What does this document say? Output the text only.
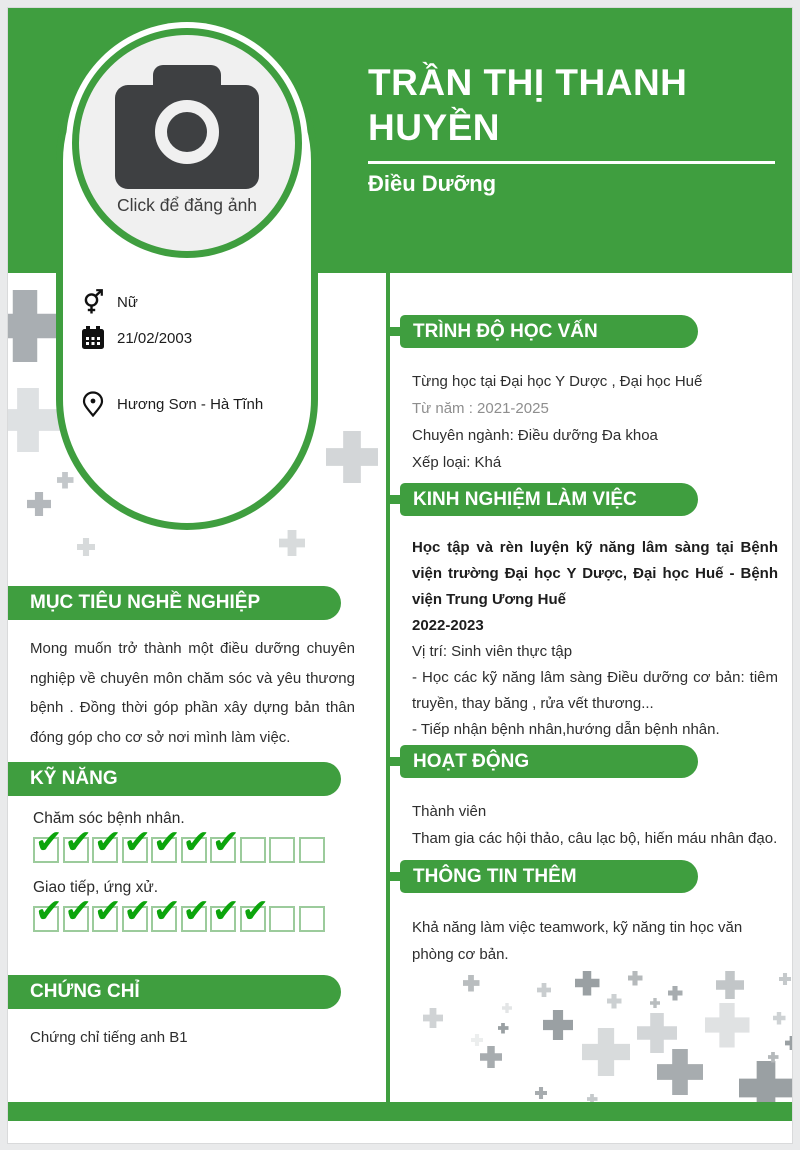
TRẦN THỊ THANH HUYỀN
Điều Dưỡng
Click để đăng ảnh
Nữ
21/02/2003
Hương Sơn - Hà Tĩnh
TRÌNH ĐỘ HỌC VẤN
Từng học tại Đại học Y Dược , Đại học Huế
Từ năm : 2021-2025
Chuyên ngành: Điều dưỡng Đa khoa
Xếp loại: Khá
KINH NGHIỆM LÀM VIỆC

Học tập và rèn luyện kỹ năng lâm sàng tại Bệnh viện trường Đại học Y Dược, Đại học Huế - Bệnh viện Trung Ương Huế

2022-2023

Vị trí: Sinh viên thực tập

- Học các kỹ năng lâm sàng Điều dưỡng cơ bản: tiêm truyền, thay băng , rửa vết thương...

- Tiếp nhận bệnh nhân,hướng dẫn bệnh nhân.

HOẠT ĐỘNG
Thành viên
Tham gia các hội thảo, câu lạc bộ, hiến máu nhân đạo.
THÔNG TIN THÊM
Khả năng làm việc teamwork, kỹ năng tin học văn phòng cơ bản.
MỤC TIÊU NGHỀ NGHIỆP
Mong muốn trở thành một điều dưỡng chuyên nghiệp về chuyên môn chăm sóc và yêu thương bệnh . Đồng thời góp phần xây dựng bản thân đóng góp cho cơ sở nơi mình làm việc.
KỸ NĂNG
Chăm sóc bệnh nhân.
✔ ✔ ✔ ✔ ✔ ✔ ✔
Giao tiếp, ứng xử.
✔ ✔ ✔ ✔ ✔ ✔ ✔ ✔
CHỨNG CHỈ
Chứng chỉ tiếng anh B1
